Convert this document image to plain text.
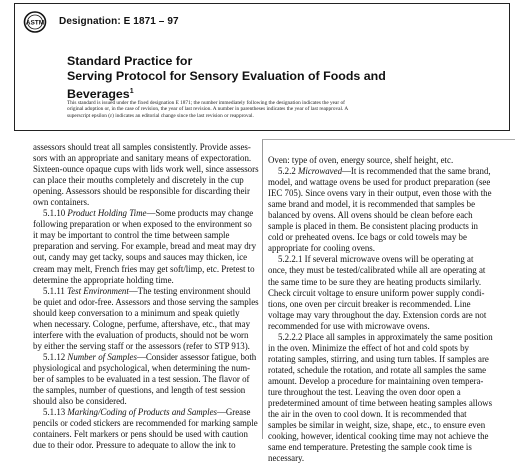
ASTM Designation: E 1871 – 97
Standard Practice for
Serving Protocol for Sensory Evaluation of Foods and
Beverages$^1$
This standard is issued under the fixed designation E 1871; the number immediately following the designation indicates the year of
original adoption or, in the case of revision, the year of last revision. A number in parentheses indicates the year of last reapproval. A
superscript epsilon (ε) indicates an editorial change since the last revision or reapproval.
assessors should treat all samples consistently. Provide asses-
sors with an appropriate and sanitary means of expectoration.
Sixteen-ounce opaque cups with lids work well, since assessors
can place their mouths completely and discretely in the cup
opening. Assessors should be responsible for discarding their
own containers.
5.1.10 Product Holding Time—Some products may change
following preparation or when exposed to the environment so
it may be important to control the time between sample
preparation and serving. For example, bread and meat may dry
out, candy may get tacky, soups and sauces may thicken, ice
cream may melt, French fries may get soft/limp, etc. Pretest to
determine the appropriate holding time.
5.1.11 Test Environment—The testing environment should
be quiet and odor-free. Assessors and those serving the samples
should keep conversation to a minimum and speak quietly
when necessary. Cologne, perfume, aftershave, etc., that may
interfere with the evaluation of products, should not be worn
by either the serving staff or the assessors (refer to STP 913).
5.1.12 Number of Samples—Consider assessor fatigue, both
physiological and psychological, when determining the num-
ber of samples to be evaluated in a test session. The flavor of
the samples, number of questions, and length of test session
should also be considered.
5.1.13 Marking/Coding of Products and Samples—Grease
pencils or coded stickers are recommended for marking sample
containers. Felt markers or pens should be used with caution
due to their odor. Pressure to adequate to allow the ink to
Oven: type of oven, energy source, shelf height, etc.
5.2.2 Microwaved—It is recommended that the same brand,
model, and wattage ovens be used for product preparation (see
IEC 705). Since ovens vary in their output, even those with the
same brand and model, it is recommended that samples be
balanced by ovens. All ovens should be clean before each
sample is placed in them. Be consistent placing products in
cold or preheated ovens. Ice bags or cold towels may be
appropriate for cooling ovens.
5.2.2.1 If several microwave ovens will be operating at
once, they must be tested/calibrated while all are operating at
the same time to be sure they are heating products similarly.
Check circuit voltage to ensure uniform power supply condi-
tions, one oven per circuit breaker is recommended. Line
voltage may vary throughout the day. Extension cords are not
recommended for use with microwave ovens.
5.2.2.2 Place all samples in approximately the same position
in the oven. Minimize the effect of hot and cold spots by
rotating samples, stirring, and using turn tables. If samples are
rotated, schedule the rotation, and rotate all samples the same
amount. Develop a procedure for maintaining oven tempera-
ture throughout the test. Leaving the oven door open a
predetermined amount of time between heating samples allows
the air in the oven to cool down. It is recommended that
samples be similar in weight, size, shape, etc., to ensure even
cooking, however, identical cooking time may not achieve the
same end temperature. Pretesting the sample cook time is
necessary.
